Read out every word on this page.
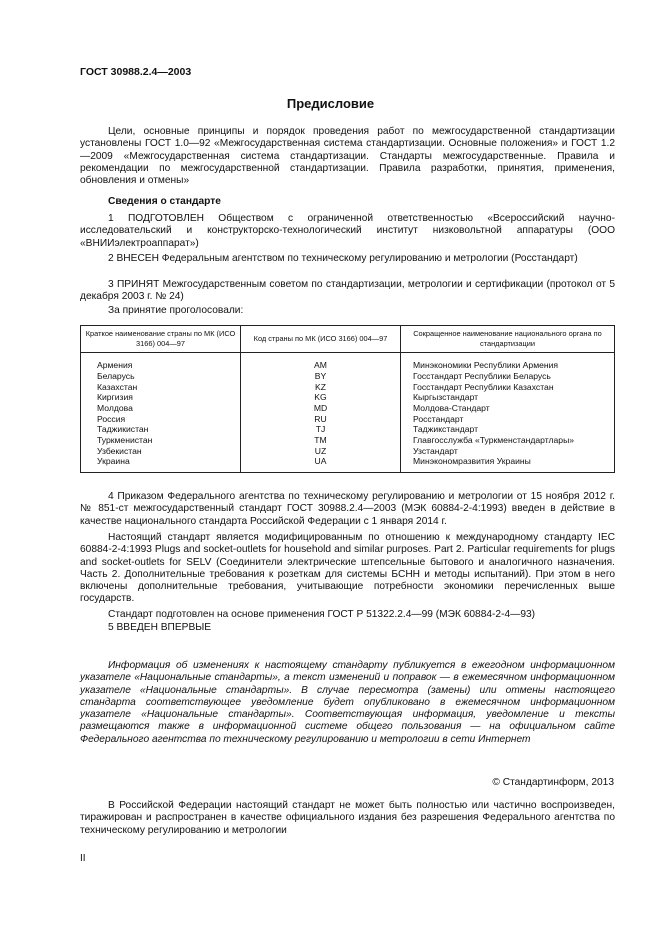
ГОСТ 30988.2.4—2003
Предисловие
Цели, основные принципы и порядок проведения работ по межгосударственной стандартизации установлены ГОСТ 1.0—92 «Межгосударственная система стандартизации. Основные положения» и ГОСТ 1.2—2009 «Межгосударственная система стандартизации. Стандарты межгосударственные. Правила и рекомендации по межгосударственной стандартизации. Правила разработки, принятия, применения, обновления и отмены»
Сведения о стандарте
1 ПОДГОТОВЛЕН Обществом с ограниченной ответственностью «Всероссийский научно-исследовательский и конструкторско-технологический институт низковольтной аппаратуры (ООО «ВНИИэлектроаппарат»)
2 ВНЕСЕН Федеральным агентством по техническому регулированию и метрологии (Росстандарт)
3 ПРИНЯТ Межгосударственным советом по стандартизации, метрологии и сертификации (протокол от 5 декабря 2003 г. № 24)
За принятие проголосовали:
Краткое наименование страны по МК (ИСО 3166) 004—97	Код страны по МК (ИСО 3166) 004—97	Сокращенное наименование национального органа по стандартизации
Армения	AM	Минэкономики Республики Армения
Беларусь	BY	Госстандарт Республики Беларусь
Казахстан	KZ	Госстандарт Республики Казахстан
Киргизия	KG	Кыргызстандарт
Молдова	MD	Молдова-Стандарт
Россия	RU	Росстандарт
Таджикистан	TJ	Таджикстандарт
Туркменистан	TM	Главгосслужба «Туркменстандартлары»
Узбекистан	UZ	Узстандарт
Украина	UA	Минэкономразвития Украины
4 Приказом Федерального агентства по техническому регулированию и метрологии от 15 ноября 2012 г. № 851-ст межгосударственный стандарт ГОСТ 30988.2.4—2003 (МЭК 60884-2-4:1993) введен в действие в качестве национального стандарта Российской Федерации с 1 января 2014 г.
Настоящий стандарт является модифицированным по отношению к международному стандарту IEC 60884-2-4:1993 Plugs and socket-outlets for household and similar purposes. Part 2. Particular requirements for plugs and socket-outlets for SELV (Соединители электрические штепсельные бытового и аналогичного назначения. Часть 2. Дополнительные требования к розеткам для системы БСНН и методы испытаний). При этом в него включены дополнительные требования, учитывающие потребности экономики перечисленных выше государств.
Стандарт подготовлен на основе применения ГОСТ Р 51322.2.4—99 (МЭК 60884-2-4—93)
5 ВВЕДЕН ВПЕРВЫЕ
Информация об изменениях к настоящему стандарту публикуется в ежегодном информационном указателе «Национальные стандарты», а текст изменений и поправок — в ежемесячном информационном указателе «Национальные стандарты». В случае пересмотра (замены) или отмены настоящего стандарта соответствующее уведомление будет опубликовано в ежемесячном информационном указателе «Национальные стандарты». Соответствующая информация, уведомление и тексты размещаются также в информационной системе общего пользования — на официальном сайте Федерального агентства по техническому регулированию и метрологии в сети Интернет
© Стандартинформ, 2013
В Российской Федерации настоящий стандарт не может быть полностью или частично воспроизведен, тиражирован и распространен в качестве официального издания без разрешения Федерального агентства по техническому регулированию и метрологии
II
